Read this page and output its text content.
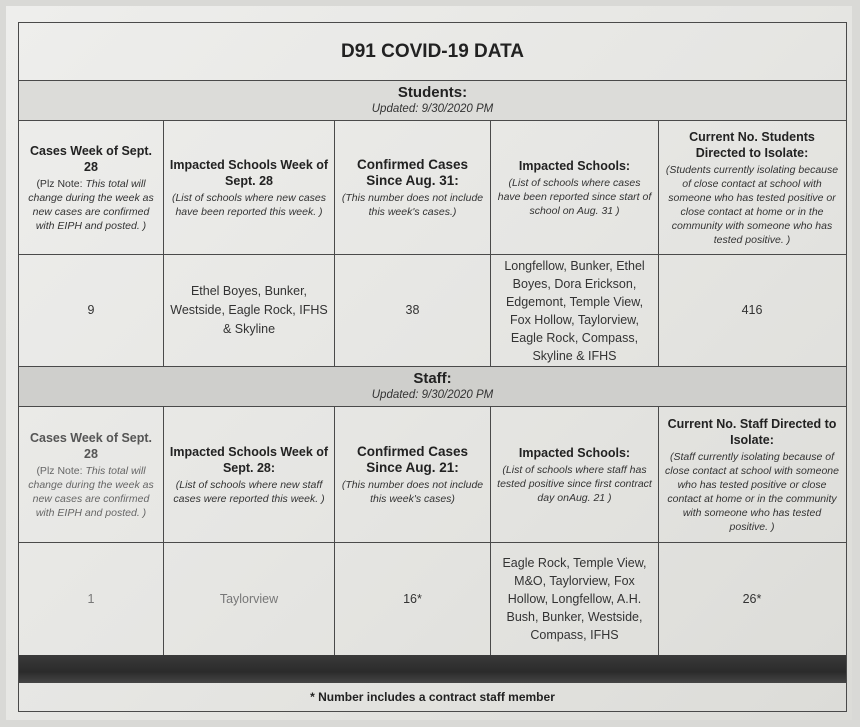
D91 COVID-19 DATA
Students:
Updated: 9/30/2020 PM
Cases Week of Sept. 28
(Plz Note: This total will change during the week as new cases are confirmed with EIPH and posted. )
Impacted Schools Week of Sept. 28
(List of schools where new cases have been reported this week. )
Confirmed Cases Since Aug. 31:
(This number does not include this week's cases.)
Impacted Schools:
(List of schools where cases have been reported since start of school on Aug. 31 )
Current No. Students Directed to Isolate:
(Students currently isolating because of close contact at school with someone who has tested positive or close contact at home or in the community with someone who has tested positive. )
9
Ethel Boyes, Bunker, Westside, Eagle Rock, IFHS & Skyline
38
Longfellow, Bunker, Ethel Boyes, Dora Erickson, Edgemont, Temple View, Fox Hollow, Taylorview, Eagle Rock, Compass, Skyline & IFHS
416
Staff:
Updated: 9/30/2020 PM
Cases Week of Sept. 28
(Plz Note: This total will change during the week as new cases are confirmed with EIPH and posted. )
Impacted Schools Week of Sept. 28:
(List of schools where new staff cases were reported this week. )
Confirmed Cases Since Aug. 21:
(This number does not include this week's cases)
Impacted Schools:
(List of schools where staff has tested positive since first contract day onAug. 21 )
Current No. Staff Directed to Isolate:
(Staff currently isolating because of close contact at school with someone who has tested positive or close contact at home or in the community with someone who has tested positive. )
1	Taylorview	16*
Eagle Rock, Temple View, M&O, Taylorview, Fox Hollow, Longfellow, A.H. Bush, Bunker, Westside, Compass, IFHS
26*
* Number includes a contract staff member
